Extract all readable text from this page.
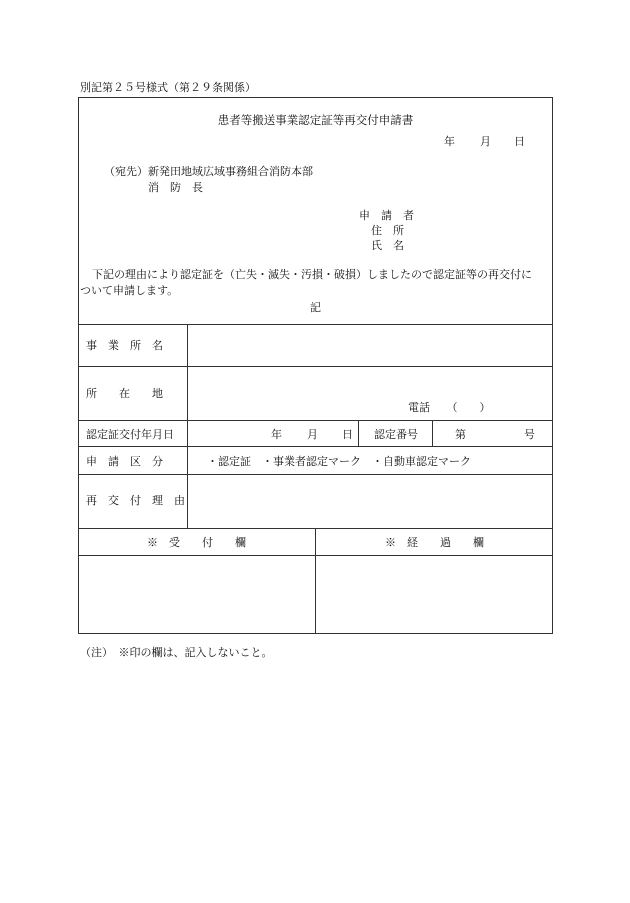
別記第２５号様式（第２９条関係）
患者等搬送事業認定証等再交付申請書
年 月 日
（宛先） 新発田地域広域事務組合消防本部
消　防　長
申　請　者
住　所
氏　名
下記の理由により認定証を（亡失・滅失・汚損・破損）しましたので認定証等の再交付に
ついて申請します。
記
事　業　所　名
所　　在　　地
電話　　（　　）
認定証交付年月日	年 月 日 認定番号	第	号
申　請　区　分	・認定証　・事業者認定マーク　・自動車認定マーク
再　交　付　理　由
※　受　　付　　欄	※　経　　過　　欄
（注）　※印の欄は、記入しないこと。
